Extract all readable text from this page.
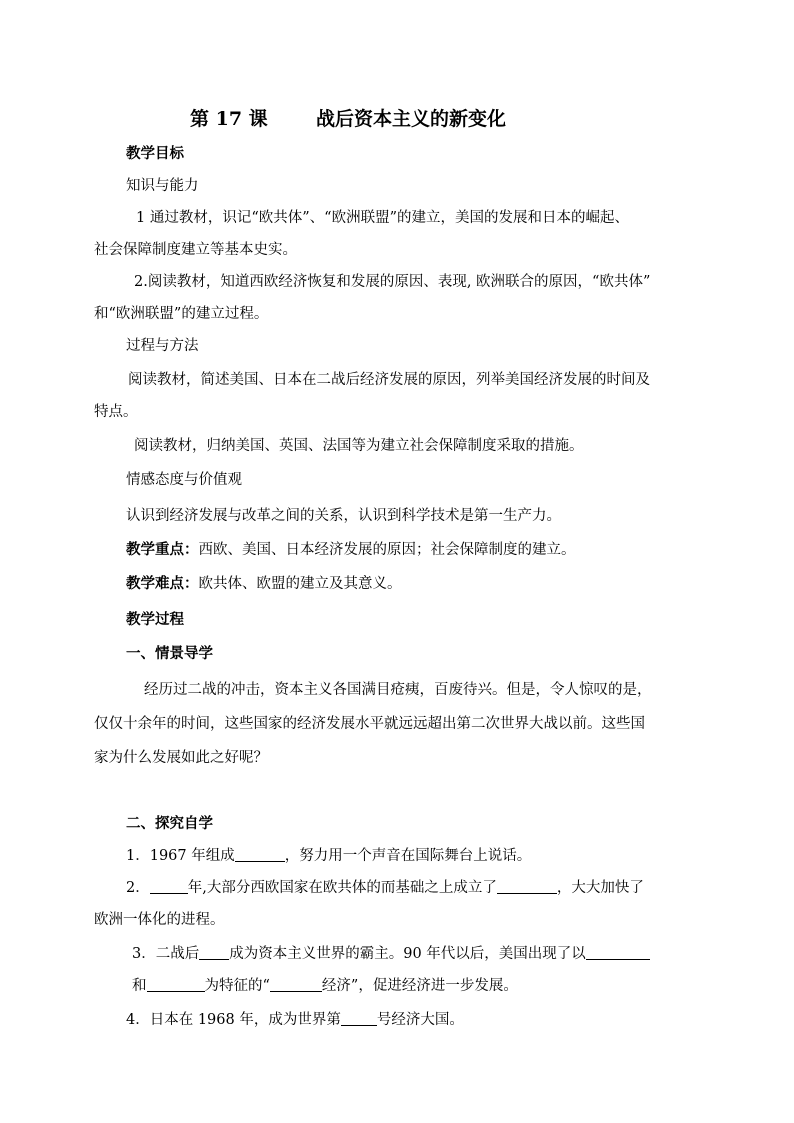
第 17 课	战后资本主义的新变化
教学目标
知识与能力
1 通过教材，识记“欧共体”、“欧洲联盟”的建立，美国的发展和日本的崛起、
社会保障制度建立等基本史实。
2.阅读教材，知道西欧经济恢复和发展的原因、表现, 欧洲联合的原因，“欧共体”
和“欧洲联盟”的建立过程。
过程与方法
阅读教材，简述美国、日本在二战后经济发展的原因，列举美国经济发展的时间及
特点。
阅读教材，归纳美国、英国、法国等为建立社会保障制度采取的措施。
情感态度与价值观
认识到经济发展与改革之间的关系，认识到科学技术是第一生产力。
教学重点：西欧、美国、日本经济发展的原因；社会保障制度的建立。
教学难点：欧共体、欧盟的建立及其意义。
教学过程
一、情景导学
经历过二战的冲击，资本主义各国满目疮痍，百废待兴。但是，令人惊叹的是，
仅仅十余年的时间，这些国家的经济发展水平就远远超出第二次世界大战以前。这些国
家为什么发展如此之好呢？
二、探究自学
1．1967 年组成	，努力用一个声音在国际舞台上说话。
2．	年,大部分西欧国家在欧共体的而基础之上成立了	，大大加快了
欧洲一体化的进程。
3．二战后 成为资本主义世界的霸主。90 年代以后，美国出现了以
和	为特征的“	经济”，促进经济进一步发展。
4．日本在 1968 年，成为世界第 号经济大国。
